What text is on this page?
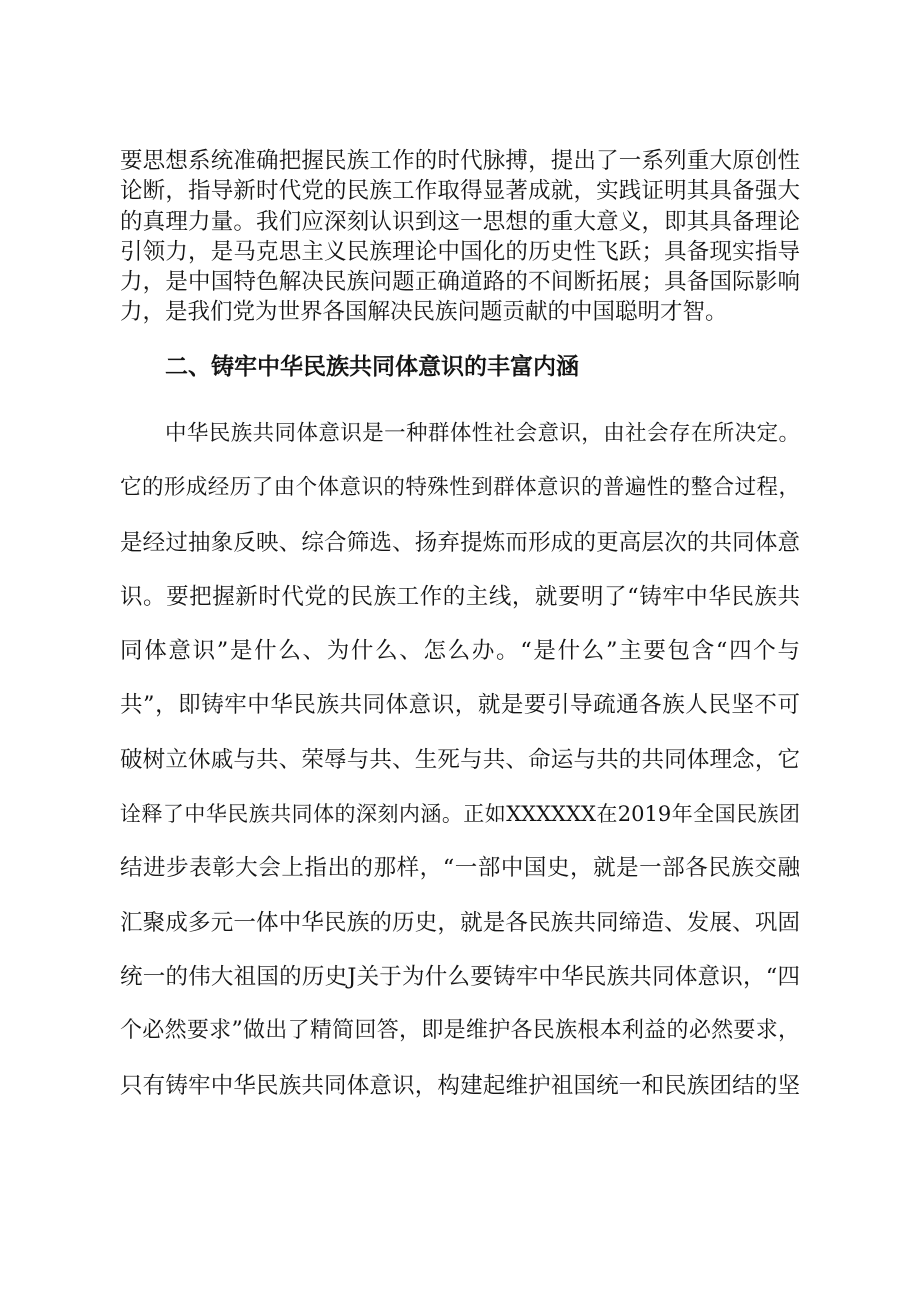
要思想系统准确把握民族工作的时代脉搏，提出了一系列重大原创性
论断，指导新时代党的民族工作取得显著成就，实践证明其具备强大
的真理力量。我们应深刻认识到这一思想的重大意义，即其具备理论
引领力，是马克思主义民族理论中国化的历史性飞跃；具备现实指导
力，是中国特色解决民族问题正确道路的不间断拓展；具备国际影响
力，是我们党为世界各国解决民族问题贡献的中国聪明才智。
二、铸牢中华民族共同体意识的丰富内涵
中华民族共同体意识是一种群体性社会意识，由社会存在所决定。
它的形成经历了由个体意识的特殊性到群体意识的普遍性的整合过程，
是经过抽象反映、综合筛选、扬弃提炼而形成的更高层次的共同体意
识。要把握新时代党的民族工作的主线，就要明了“铸牢中华民族共
同体意识”是什么、为什么、怎么办。“是什么”主要包含“四个与
共”，即铸牢中华民族共同体意识，就是要引导疏通各族人民坚不可
破树立休戚与共、荣辱与共、生死与共、命运与共的共同体理念，它
诠释了中华民族共同体的深刻内涵。正如XXXXXX在2019年全国民族团
结进步表彰大会上指出的那样，“一部中国史，就是一部各民族交融
汇聚成多元一体中华民族的历史，就是各民族共同缔造、发展、巩固
统一的伟大祖国的历史J关于为什么要铸牢中华民族共同体意识，“四
个必然要求”做出了精简回答，即是维护各民族根本利益的必然要求，
只有铸牢中华民族共同体意识，构建起维护祖国统一和民族团结的坚
